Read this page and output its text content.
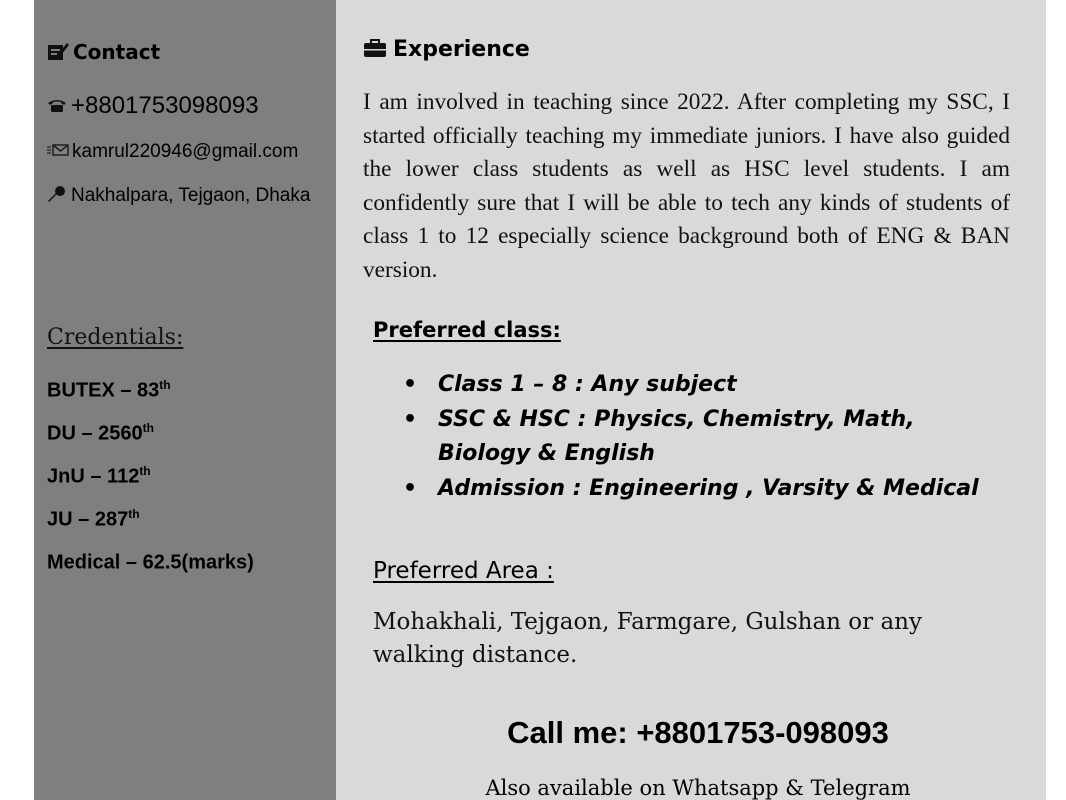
Contact
+8801753098093
kamrul220946@gmail.com
Nakhalpara, Tejgaon, Dhaka
Credentials:
BUTEX – 83th
DU – 2560th
JnU – 112th
JU – 287th
Medical – 62.5(marks)
Experience

I am involved in teaching since 2022. After completing my SSC, I started officially teaching my immediate juniors. I have also guided the lower class students as well as HSC level students. I am confidently sure that I will be able to tech any kinds of students of class 1 to 12 especially science background both of ENG & BAN version.

Preferred class:
• Class 1 – 8 : Any subject
• SSC & HSC : Physics, Chemistry, Math, Biology & English
• Admission : Engineering , Varsity & Medical
Preferred Area :

Mohakhali, Tejgaon, Farmgare, Gulshan or any walking distance.

Call me: +8801753-098093
Also available on Whatsapp & Telegram
